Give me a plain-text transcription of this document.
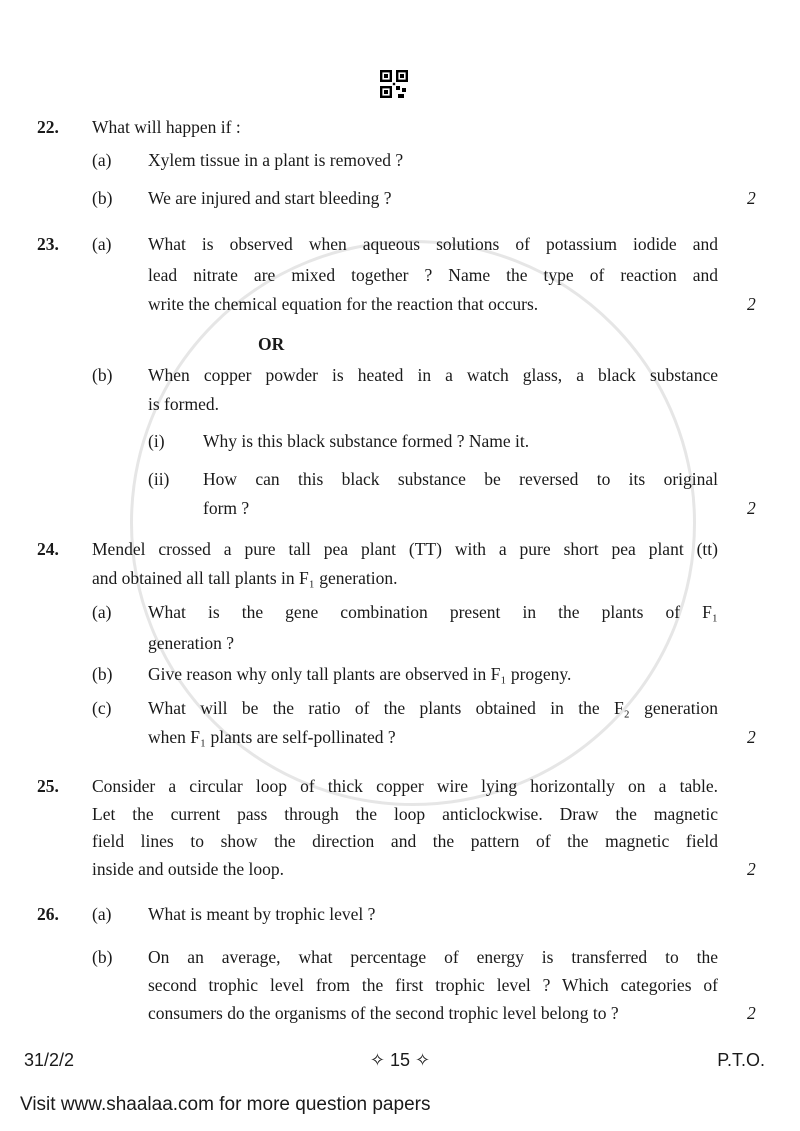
22. What will happen if :
(a) Xylem tissue in a plant is removed ?
(b) We are injured and start bleeding ?	2
23. (a) What is observed when aqueous solutions of potassium iodide and
lead nitrate are mixed together ? Name the type of reaction and
write the chemical equation for the reaction that occurs.	2
OR
(b) When copper powder is heated in a watch glass, a black substance
is formed.
(i) Why is this black substance formed ? Name it.
(ii) How can this black substance be reversed to its original
form ?	2
24. Mendel crossed a pure tall pea plant (TT) with a pure short pea plant (tt)
and obtained all tall plants in F₁ generation.
(a) What is the gene combination present in the plants of F₁
generation ?
(b) Give reason why only tall plants are observed in F₁ progeny.
(c) What will be the ratio of the plants obtained in the F₂ generation
when F₁ plants are self-pollinated ?	2
25. Consider a circular loop of thick copper wire lying horizontally on a table.
Let the current pass through the loop anticlockwise. Draw the magnetic
field lines to show the direction and the pattern of the magnetic field
inside and outside the loop.	2
26. (a) What is meant by trophic level ?
(b) On an average, what percentage of energy is transferred to the
second trophic level from the first trophic level ? Which categories of
consumers do the organisms of the second trophic level belong to ?	2
31/2/2	✧ 15 ✧	P.T.O.
Visit www.shaalaa.com for more question papers
